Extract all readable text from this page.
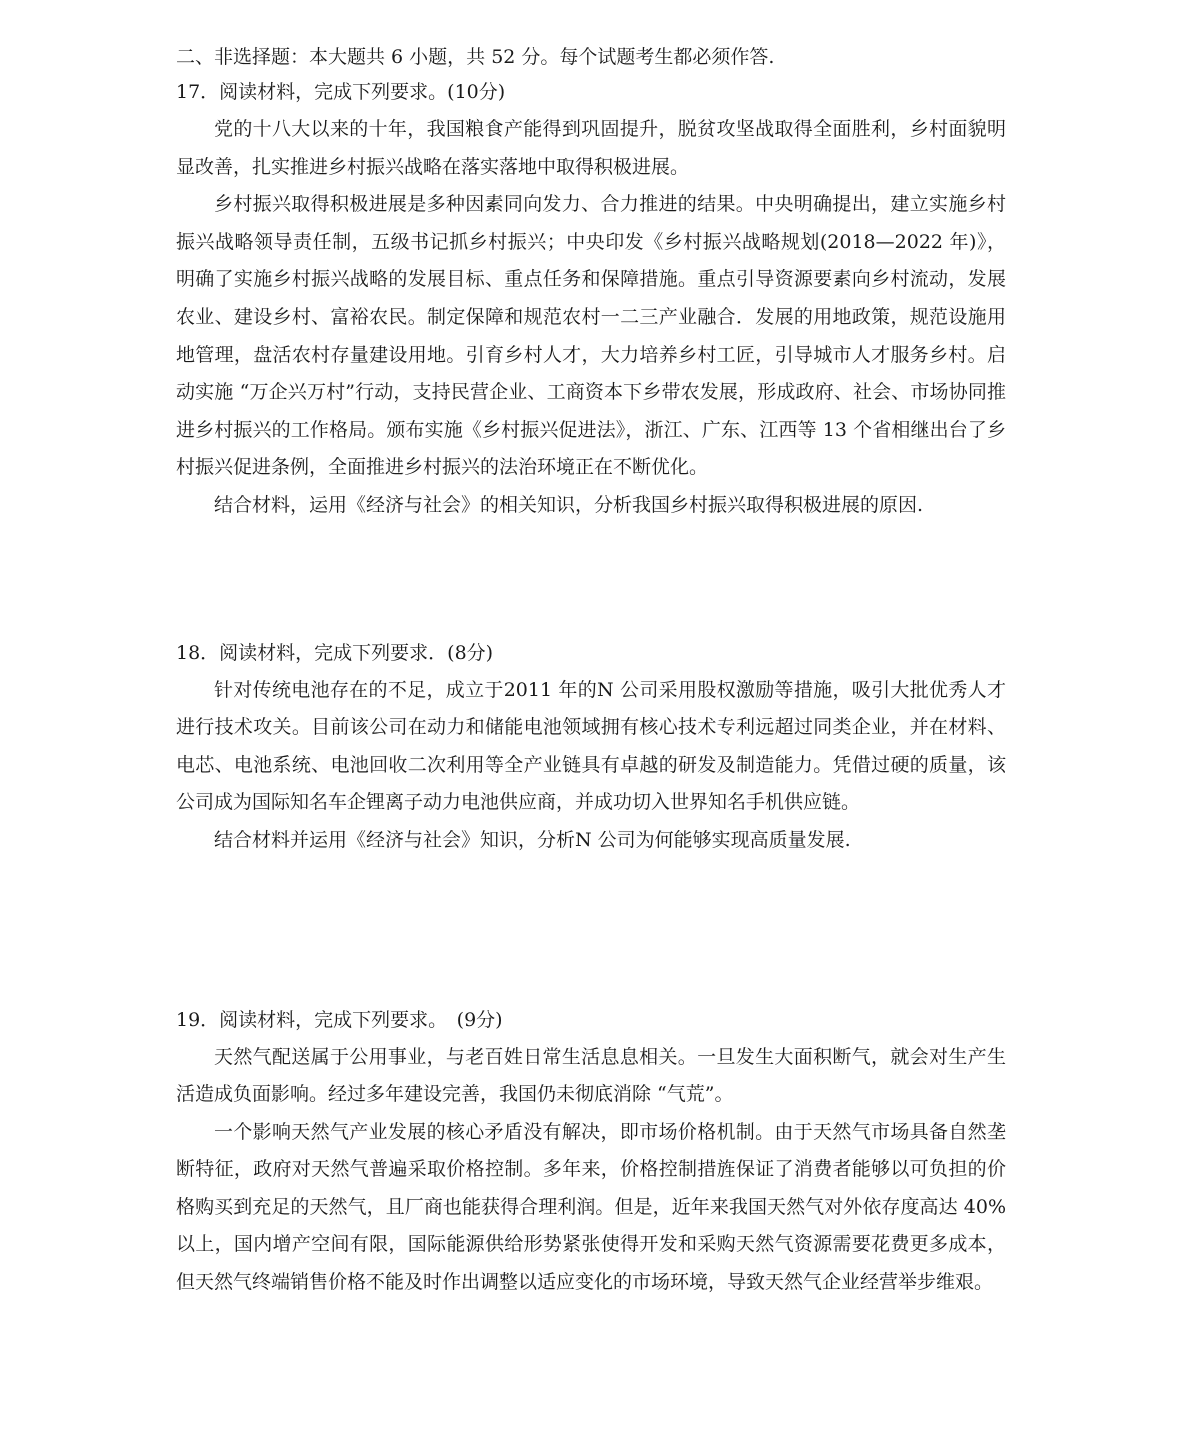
二、非选择题：本大题共 6 小题，共 52 分。每个试题考生都必须作答.
17．阅读材料，完成下列要求。(10分)

党的十八大以来的十年，我国粮食产能得到巩固提升，脱贫攻坚战取得全面胜利，乡村面貌明显改善，扎实推进乡村振兴战略在落实落地中取得积极进展。

乡村振兴取得积极进展是多种因素同向发力、合力推进的结果。中央明确提出，建立实施乡村振兴战略领导责任制，五级书记抓乡村振兴；中央印发《乡村振兴战略规划(2018—2022 年)》，明确了实施乡村振兴战略的发展目标、重点任务和保障措施。重点引导资源要素向乡村流动，发展农业、建设乡村、富裕农民。制定保障和规范农村一二三产业融合．发展的用地政策，规范设施用地管理，盘活农村存量建设用地。引育乡村人才，大力培养乡村工匠，引导城市人才服务乡村。启动实施 “万企兴万村”行动，支持民营企业、工商资本下乡带农发展，形成政府、社会、市场协同推进乡村振兴的工作格局。颁布实施《乡村振兴促进法》，浙江、广东、江西等 13 个省相继出台了乡村振兴促进条例，全面推进乡村振兴的法治环境正在不断优化。

结合材料，运用《经济与社会》的相关知识，分析我国乡村振兴取得积极进展的原因.

18．阅读材料，完成下列要求．(8分)

针对传统电池存在的不足，成立于2011 年的N 公司采用股权激励等措施，吸引大批优秀人才进行技术攻关。目前该公司在动力和储能电池领域拥有核心技术专利远超过同类企业，并在材料、电芯、电池系统、电池回收二次利用等全产业链具有卓越的研发及制造能力。凭借过硬的质量，该公司成为国际知名车企锂离子动力电池供应商，并成功切入世界知名手机供应链。

结合材料并运用《经济与社会》知识，分析N 公司为何能够实现高质量发展.

19．阅读材料，完成下列要求。　(9分)

天然气配送属于公用事业，与老百姓日常生活息息相关。一旦发生大面积断气，就会对生产生活造成负面影响。经过多年建设完善，我国仍未彻底消除 “气荒”。

一个影响天然气产业发展的核心矛盾没有解决，即市场价格机制。由于天然气市场具备自然垄断特征，政府对天然气普遍采取价格控制。多年来，价格控制措旌保证了消费者能够以可负担的价格购买到充足的天然气，且厂商也能获得合理利润。但是，近年来我国天然气对外依存度高达 40% 以上，国内增产空间有限，国际能源供给形势紧张使得开发和采购天然气资源需要花费更多成本，但天然气终端销售价格不能及时作出调整以适应变化的市场环境，导致天然气企业经营举步维艰。
